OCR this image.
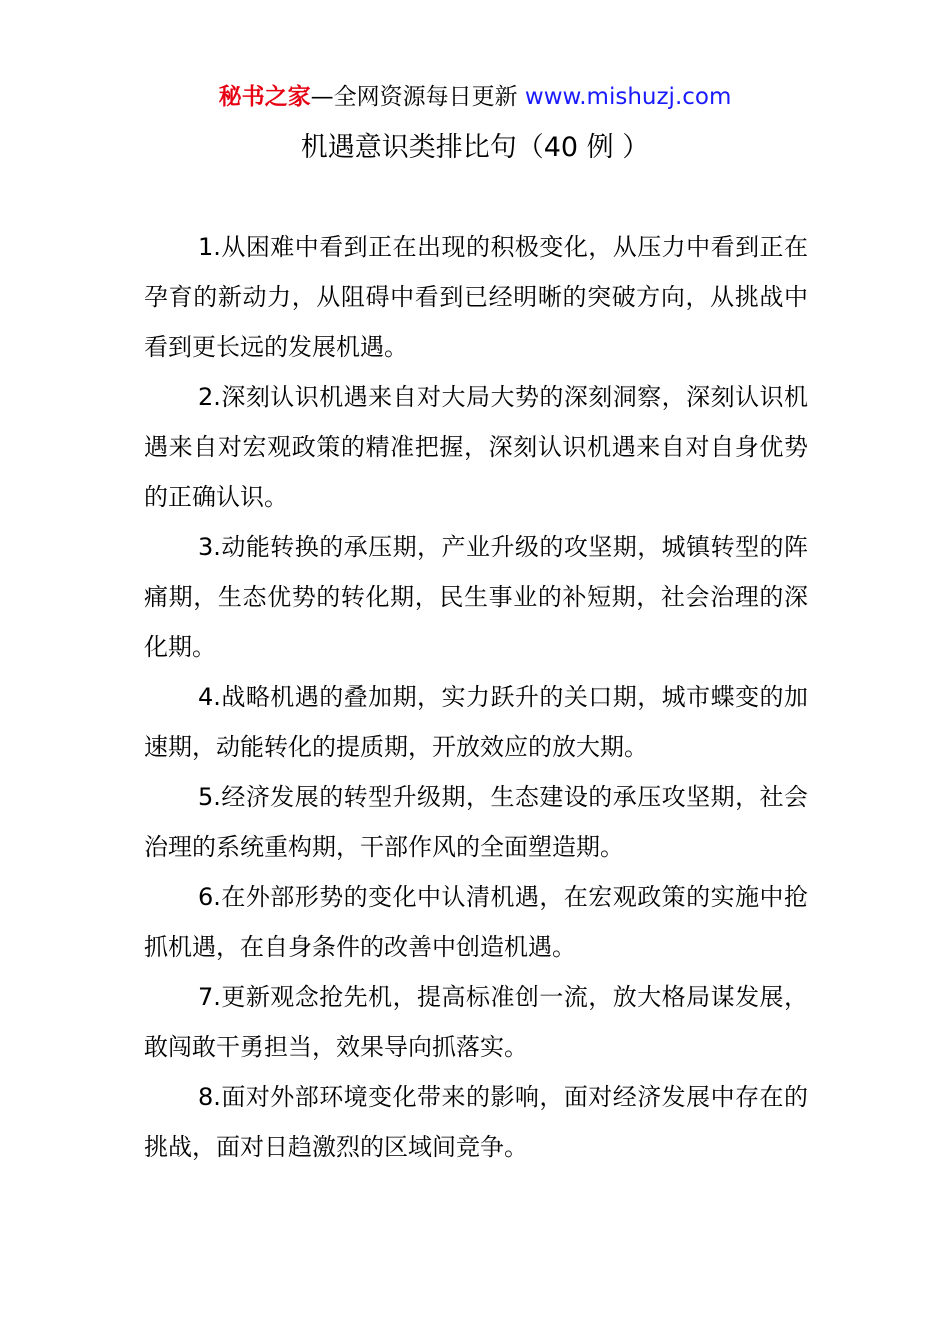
秘书之家—全网资源每日更新 www.mishuzj.com
机遇意识类排比句（40 例 ）

1.从困难中看到正在出现的积极变化，从压力中看到正在孕育的新动力，从阻碍中看到已经明晰的突破方向，从挑战中看到更长远的发展机遇。

2.深刻认识机遇来自对大局大势的深刻洞察，深刻认识机遇来自对宏观政策的精准把握，深刻认识机遇来自对自身优势的正确认识。

3.动能转换的承压期，产业升级的攻坚期，城镇转型的阵痛期，生态优势的转化期，民生事业的补短期，社会治理的深化期。

4.战略机遇的叠加期，实力跃升的关口期，城市蝶变的加速期，动能转化的提质期，开放效应的放大期。

5.经济发展的转型升级期，生态建设的承压攻坚期，社会治理的系统重构期，干部作风的全面塑造期。

6.在外部形势的变化中认清机遇，在宏观政策的实施中抢抓机遇，在自身条件的改善中创造机遇。

7.更新观念抢先机，提高标准创一流，放大格局谋发展，敢闯敢干勇担当，效果导向抓落实。

8.面对外部环境变化带来的影响，面对经济发展中存在的挑战，面对日趋激烈的区域间竞争。
